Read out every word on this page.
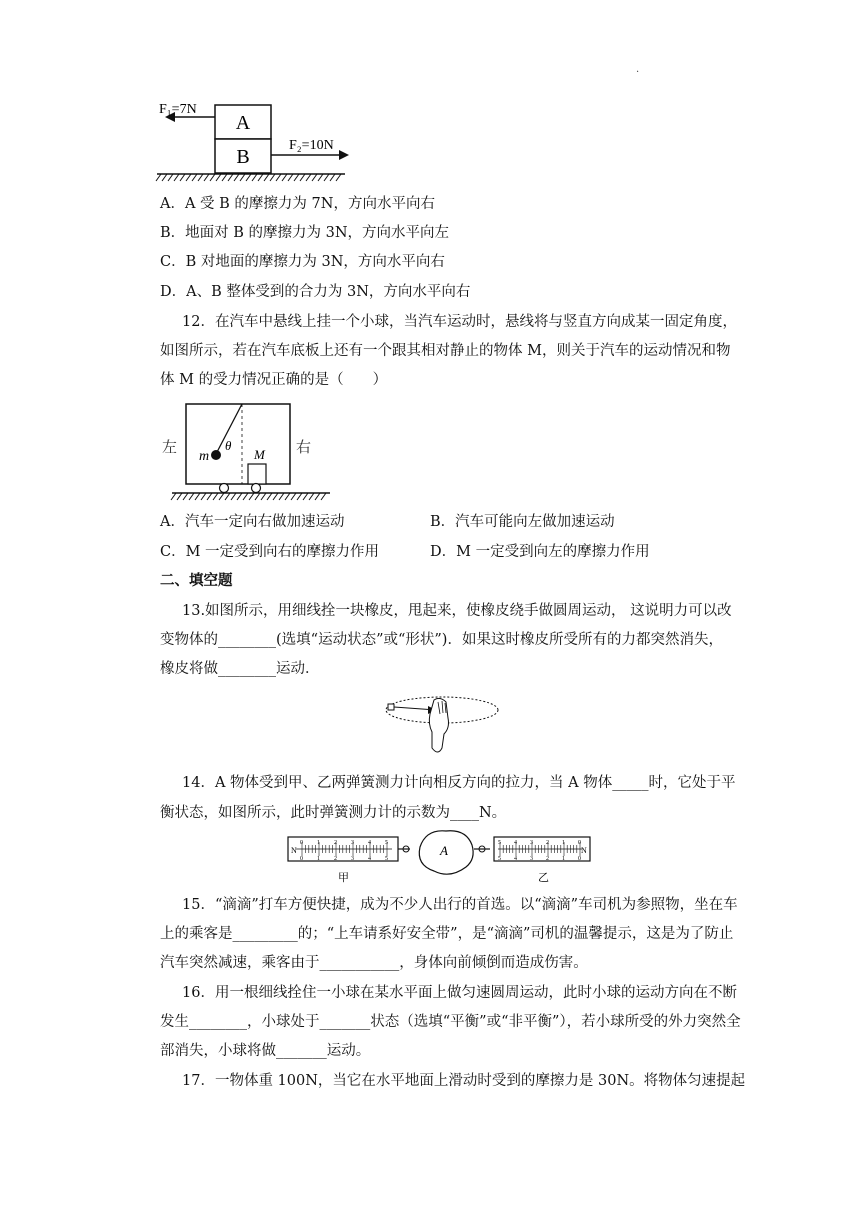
.
A
B
F₁=7N
F₂=10N
A．A 受 B 的摩擦力为 7N，方向水平向右
B．地面对 B 的摩擦力为 3N，方向水平向左
C．B 对地面的摩擦力为 3N，方向水平向右
D．A、B 整体受到的合力为 3N，方向水平向右
12．在汽车中悬线上挂一个小球，当汽车运动时，悬线将与竖直方向成某一固定角度，
如图所示，若在汽车底板上还有一个跟其相对静止的物体 M，则关于汽车的运动情况和物
体 M 的受力情况正确的是（　　）
左	右
m
θ
M
A．汽车一定向右做加速运动	B．汽车可能向左做加速运动
C．M 一定受到向右的摩擦力作用	D．M 一定受到向左的摩擦力作用
二、填空题
13.如图所示，用细线拴一块橡皮，甩起来，使橡皮绕手做圆周运动， 这说明力可以改
变物体的________(选填“运动状态”或“形状”)．如果这时橡皮所受所有的力都突然消失，
橡皮将做________运动．
14．A 物体受到甲、乙两弹簧测力计向相反方向的拉力，当 A 物体_____时，它处于平
衡状态，如图所示，此时弹簧测力计的示数为____N。
0
0
1
1
2
2
3
3
4
4
5
5
N	A	5
5
4
4
3
3
2
2
1
1
0
0
N
甲	乙
15．“滴滴”打车方便快捷，成为不少人出行的首选。以“滴滴”车司机为参照物，坐在车
上的乘客是_________的；“上车请系好安全带”，是“滴滴”司机的温馨提示，这是为了防止
汽车突然减速，乘客由于___________，身体向前倾倒而造成伤害。
16．用一根细线拴住一小球在某水平面上做匀速圆周运动，此时小球的运动方向在不断
发生________，小球处于_______状态（选填“平衡”或“非平衡”），若小球所受的外力突然全
部消失，小球将做_______运动。
17．一物体重 100N，当它在水平地面上滑动时受到的摩擦力是 30N。将物体匀速提起
